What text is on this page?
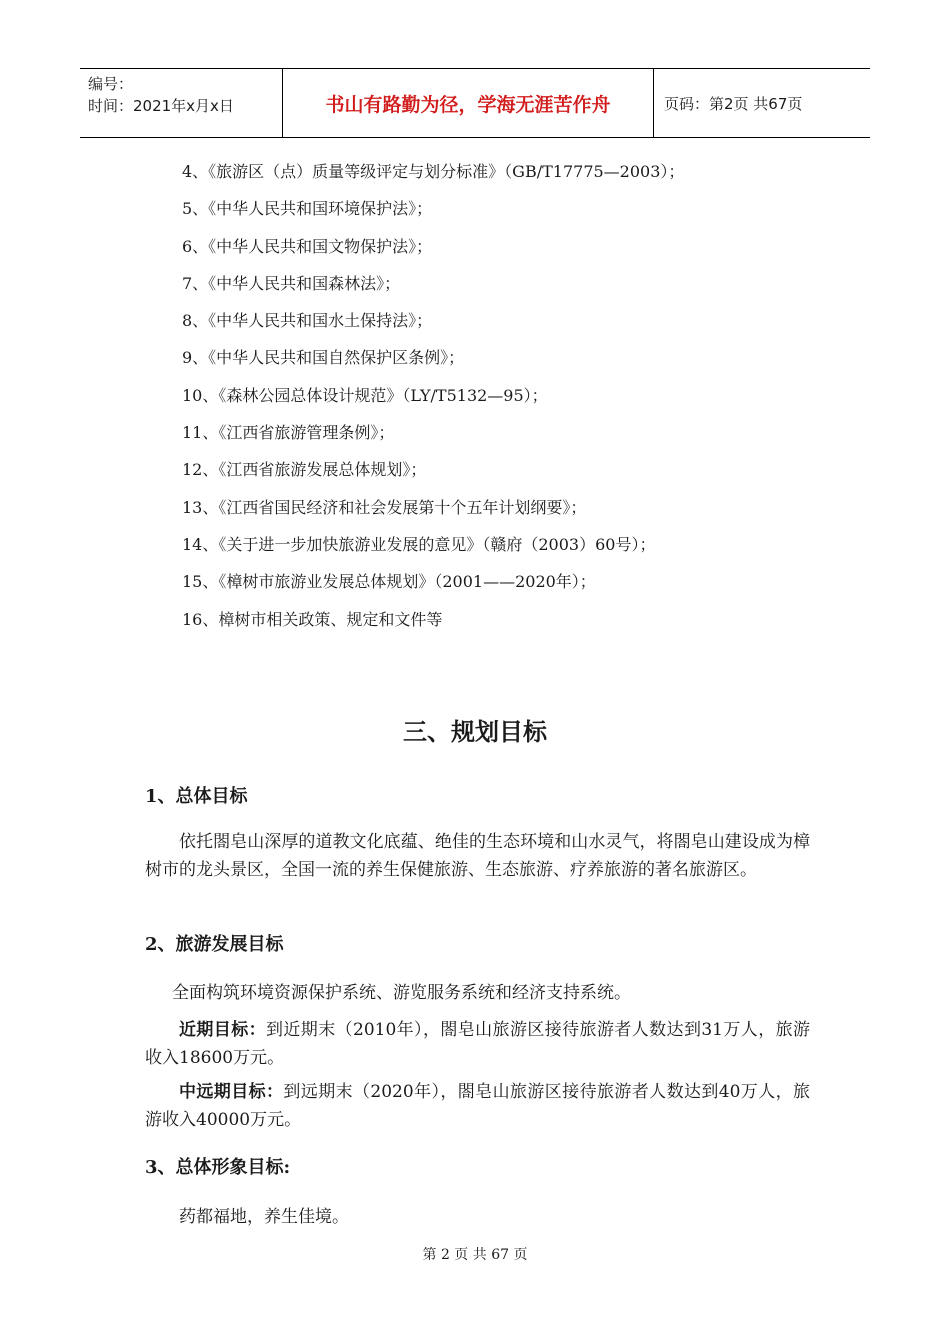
编号：
时间：2021年x月x日	书山有路勤为径，学海无涯苦作舟	页码：第2页 共67页
4、《旅游区（点）质量等级评定与划分标准》（GB/T17775—2003）；
5、《中华人民共和国环境保护法》；
6、《中华人民共和国文物保护法》；
7、《中华人民共和国森林法》；
8、《中华人民共和国水土保持法》；
9、《中华人民共和国自然保护区条例》；
10、《森林公园总体设计规范》（LY/T5132—95）；
11、《江西省旅游管理条例》；
12、《江西省旅游发展总体规划》；
13、《江西省国民经济和社会发展第十个五年计划纲要》；
14、《关于进一步加快旅游业发展的意见》（赣府（2003）60号）；
15、《樟树市旅游业发展总体规划》（2001——2020年）；
16、樟树市相关政策、规定和文件等
三、规划目标
1、总体目标

依托閤皂山深厚的道教文化底蕴、绝佳的生态环境和山水灵气，将閤皂山建设成为樟树市的龙头景区，全国一流的养生保健旅游、生态旅游、疗养旅游的著名旅游区。

2、旅游发展目标

全面构筑环境资源保护系统、游览服务系统和经济支持系统。

近期目标：到近期末（2010年），閤皂山旅游区接待旅游者人数达到31万人，旅游收入18600万元。

中远期目标：到远期末（2020年），閤皂山旅游区接待旅游者人数达到40万人，旅游收入40000万元。

3、总体形象目标:

药都福地，养生佳境。

第 2 页 共 67 页
